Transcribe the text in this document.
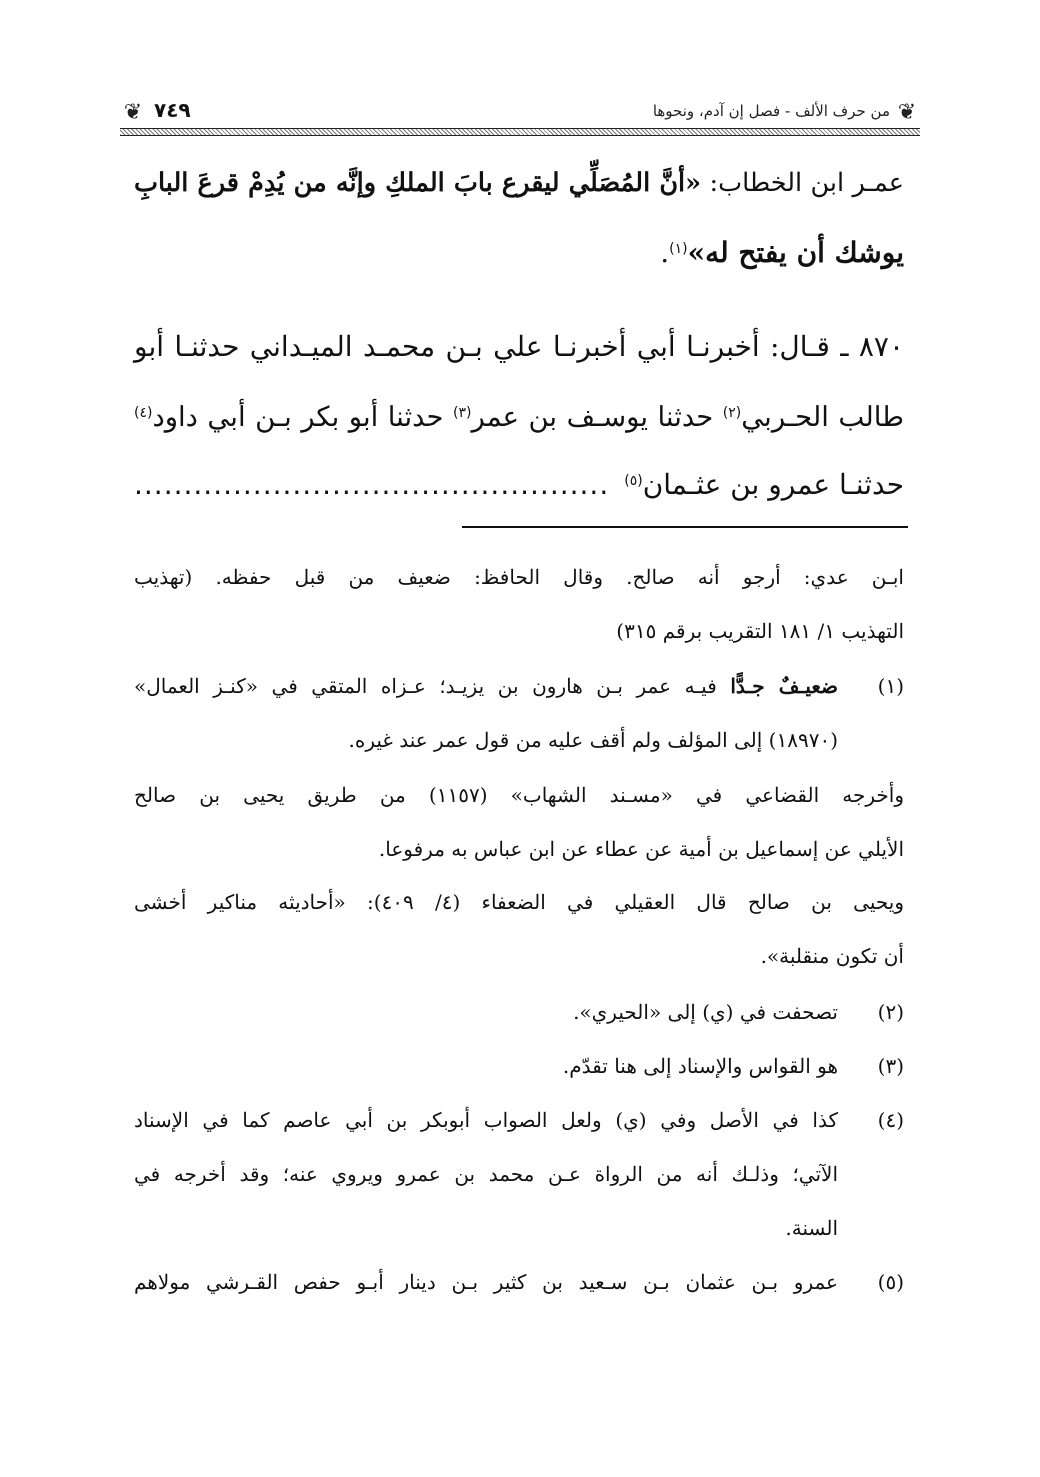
❦
من حرف الألف - فصل إن آدم، ونحوها
٧٤٩
❦
عمـر ابن الخطاب: «أنَّ المُصَلِّي ليقرع بابَ الملكِ وإنَّه من يُدِمْ قرعَ البابِ
يوشك أن يفتح له»$^{(١)}$.
٨٧٠ ـ قـال: أخبرنـا أبي أخبرنـا علي بـن محمـد الميـداني حدثنـا أبو
طالب الحـربي$^{(٢)}$ حدثنا يوسـف بن عمر$^{(٣)}$ حدثنا أبو بكر بـن أبي داود$^{(٤)}$
حدثنـا عمرو بن عثـمان$^{(٥)}$
................................................
ابـن عدي: أرجو أنه صالح. وقال الحافظ: ضعيف من قبل حفظه. (تهذيب
التهذيب ١/ ١٨١ التقريب برقم ٣١٥)
(١)
ضعيـفٌ جـدًّا فيـه عمر بـن هارون بن يزيـد؛ عـزاه المتقي في «كنـز العمال»
(١٨٩٧٠) إلى المؤلف ولم أقف عليه من قول عمر عند غيره.
وأخرجه القضاعي في «مسـند الشهاب» (١١٥٧) من طريق يحيى بن صالح
الأيلي عن إسماعيل بن أمية عن عطاء عن ابن عباس به مرفوعا.
ويحيى بن صالح قال العقيلي في الضعفاء (٤/ ٤٠٩): «أحاديثه مناكير أخشى
أن تكون منقلبة».
(٢)
تصحفت في (ي) إلى «الحيري».
(٣)
هو القواس والإسناد إلى هنا تقدّم.
(٤)
كذا في الأصل وفي (ي) ولعل الصواب أبوبكر بن أبي عاصم كما في الإسناد
الآتي؛ وذلـك أنه من الرواة عـن محمد بن عمرو ويروي عنه؛ وقد أخرجه في
السنة.
(٥)
عمرو بـن عثمان بـن سـعيد بن كثير بـن دينار أبـو حفص القـرشي مولاهم
